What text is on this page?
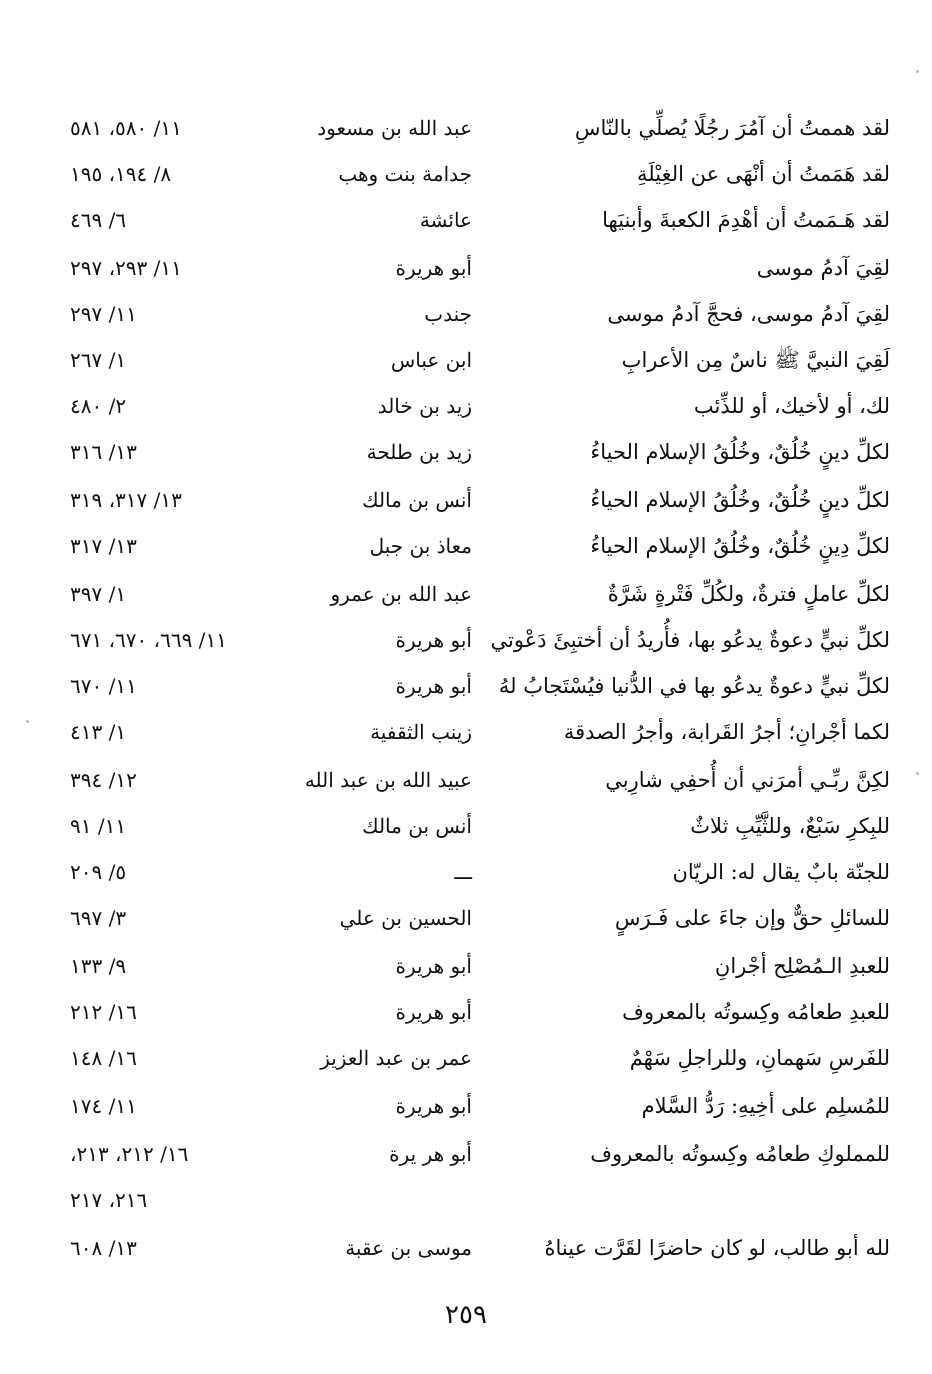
لقد هممتُ أن آمُرَ رجُلًا يُصلِّي بالنّاسِ
عبد الله بن مسعود
١١/ ٥٨٠، ٥٨١
لقد هَمَمتُ أن أنْهَى عن الغِيْلَةِ
جدامة بنت وهب
٨/ ١٩٤، ١٩٥
لقد هَـمَمتُ أن أهْدِمَ الكعبةَ وأبنيَها
عائشة
٦/ ٤٦٩
لقِيَ آدمُ موسى
أبو هريرة
١١/ ٢٩٣، ٢٩٧
لقِيَ آدمُ موسى، فحجَّ آدمُ موسى
جندب
١١/ ٢٩٧
لَقِيَ النبيَّ ﷺ ناسٌ مِن الأعرابِ
ابن عباس
١/ ٢٦٧
لك، أو لأخيك، أو للذِّئب
زيد بن خالد
٢/ ٤٨٠
لكلِّ دينٍ خُلُقٌ، وخُلُقُ الإسلام الحياءُ
زيد بن طلحة
١٣/ ٣١٦
لكلِّ دينٍ خُلُقٌ، وخُلُقُ الإسلام الحياءُ
أنس بن مالك
١٣/ ٣١٧، ٣١٩
لكلِّ دِينٍ خُلُقٌ، وخُلُقُ الإسلام الحياءُ
معاذ بن جبل
١٣/ ٣١٧
لكلِّ عاملٍ فترةٌ، ولكُلِّ فَتْرةٍ شَرَّةٌ
عبد الله بن عمرو
١/ ٣٩٧
لكلِّ نبيٍّ دعوةٌ يدعُو بها، فأُريدُ أن أختبِئَ دَعْوتي
أبو هريرة
١١/ ٦٦٩، ٦٧٠، ٦٧١
لكلِّ نبيٍّ دعوةٌ يدعُو بها في الدُّنيا فيُسْتَجابُ لهُ
أبو هريرة
١١/ ٦٧٠
لكما أجْرانِ؛ أجرُ القَرابة، وأجرُ الصدقة
زينب الثقفية
١/ ٤١٣
لكِنَّ ربِّـي أمرَني أن أُحفِي شارِبي
عبيد الله بن عبد الله
١٢/ ٣٩٤
للبِكرِ سَبْعٌ، وللثَّيِّبِ ثلاثٌ
أنس بن مالك
١١/ ٩١
للجنّة بابٌ يقال له: الريّان
ـــ
٥/ ٢٠٩
للسائلِ حقٌّ وإن جاءَ على فَـرَسٍ
الحسين بن علي
٣/ ٦٩٧
للعبدِ الـمُصْلِح أجْرانِ
أبو هريرة
٩/ ١٣٣
للعبدِ طعامُه وكِسوتُه بالمعروف
أبو هريرة
١٦/ ٢١٢
للفَرسِ سَهمانِ، وللراجلِ سَهْمٌ
عمر بن عبد العزيز
١٦/ ١٤٨
للمُسلِم على أخِيهِ: رَدُّ السَّلام
أبو هريرة
١١/ ١٧٤
للمملوكِ طعامُه وكِسوتُه بالمعروف
أبو هر يرة
١٦/ ٢١٢، ٢١٣،
٢١٦، ٢١٧
لله أبو طالب، لو كان حاضرًا لقَرَّت عيناهُ
موسى بن عقبة
١٣/ ٦٠٨
٢٥٩
